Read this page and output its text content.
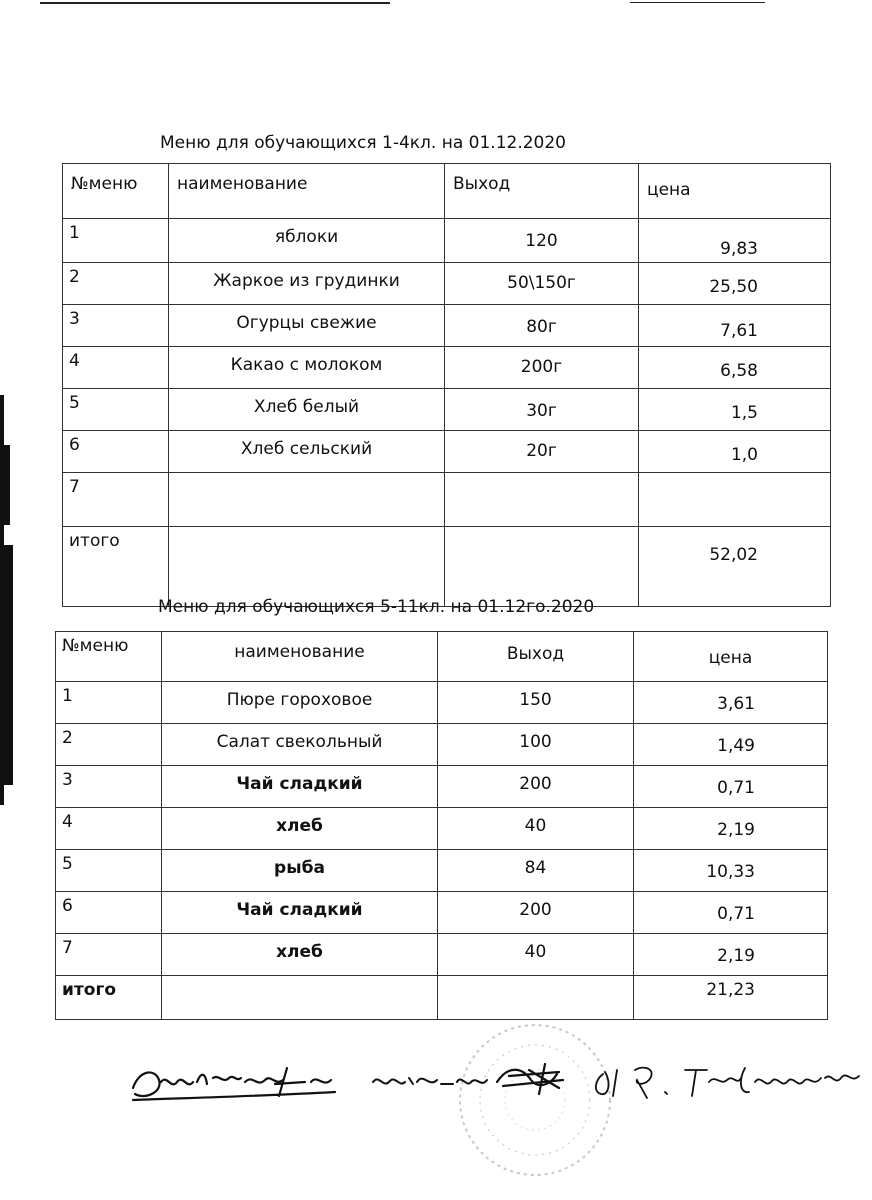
Меню для обучающихся 1-4кл. на 01.12.2020
№меню	наименование	Выход	цена
1	яблоки	120	9,83
2	Жаркое из грудинки	50\150г	25,50
3	Огурцы свежие	80г	7,61
4	Какао с молоком	200г	6,58
5	Хлеб белый	30г	1,5
6	Хлеб сельский	20г	1,0
7			
итого			52,02
Меню для обучающихся 5-11кл. на 01.12го.2020
№меню	наименование	Выход	цена
1	Пюре гороховое	150	3,61
2	Салат свекольный	100	1,49
3	Чай сладкий	200	0,71
4	хлеб	40	2,19
5	рыба	84	10,33
6	Чай сладкий	200	0,71
7	хлеб	40	2,19
итого			21,23
